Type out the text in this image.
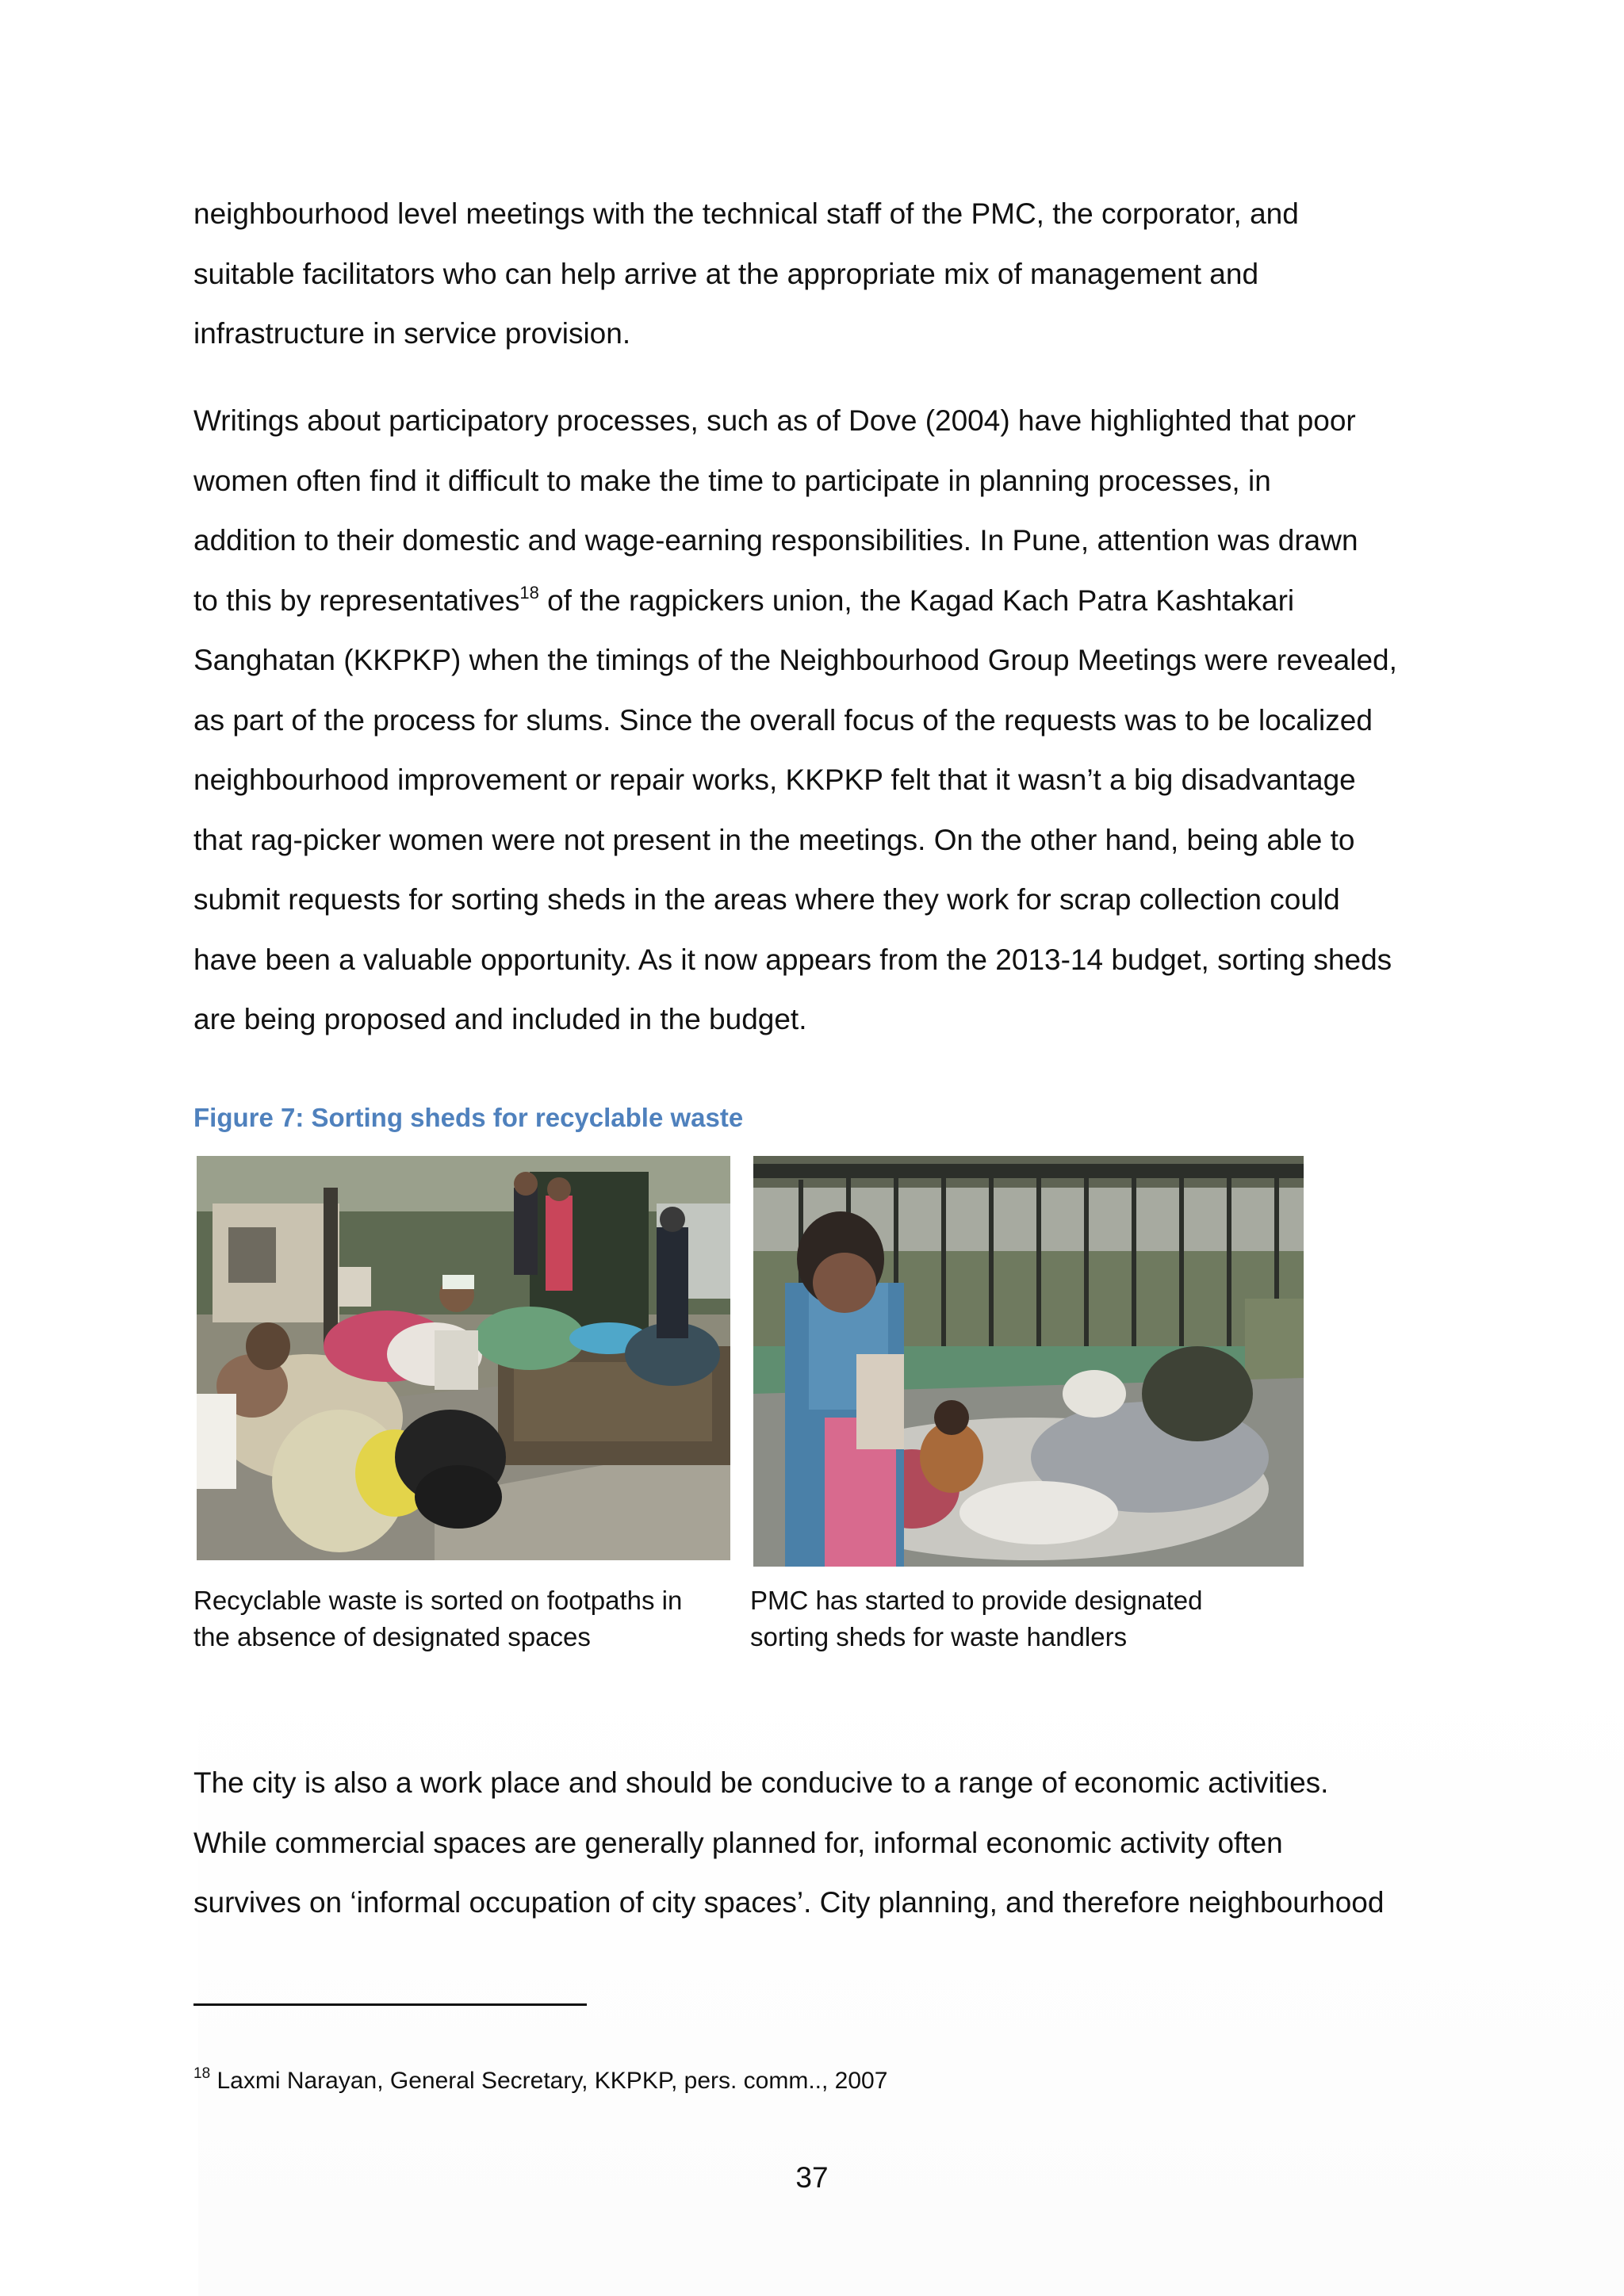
neighbourhood level meetings with the technical staff of the PMC, the corporator, and
suitable facilitators who can help arrive at the appropriate mix of management and
infrastructure in service provision.

Writings about participatory processes, such as of Dove (2004) have highlighted that poor
women often find it difficult to make the time to participate in planning processes, in
addition to their domestic and wage-earning responsibilities. In Pune, attention was drawn
to this by representatives$^{18}$ of the ragpickers union, the Kagad Kach Patra Kashtakari
Sanghatan (KKPKP) when the timings of the Neighbourhood Group Meetings were revealed,
as part of the process for slums. Since the overall focus of the requests was to be localized
neighbourhood improvement or repair works, KKPKP felt that it wasn’t a big disadvantage
that rag-picker women were not present in the meetings. On the other hand, being able to
submit requests for sorting sheds in the areas where they work for scrap collection could
have been a valuable opportunity. As it now appears from the 2013-14 budget, sorting sheds
are being proposed and included in the budget.

Figure 7: Sorting sheds for recyclable waste
Recyclable waste is sorted on footpaths in
the absence of designated spaces
PMC has started to provide designated
sorting sheds for waste handlers

The city is also a work place and should be conducive to a range of economic activities.
While commercial spaces are generally planned for, informal economic activity often
survives on ‘informal occupation of city spaces’. City planning, and therefore neighbourhood

$^{18}$ Laxmi Narayan, General Secretary, KKPKP, pers. comm.., 2007
37
